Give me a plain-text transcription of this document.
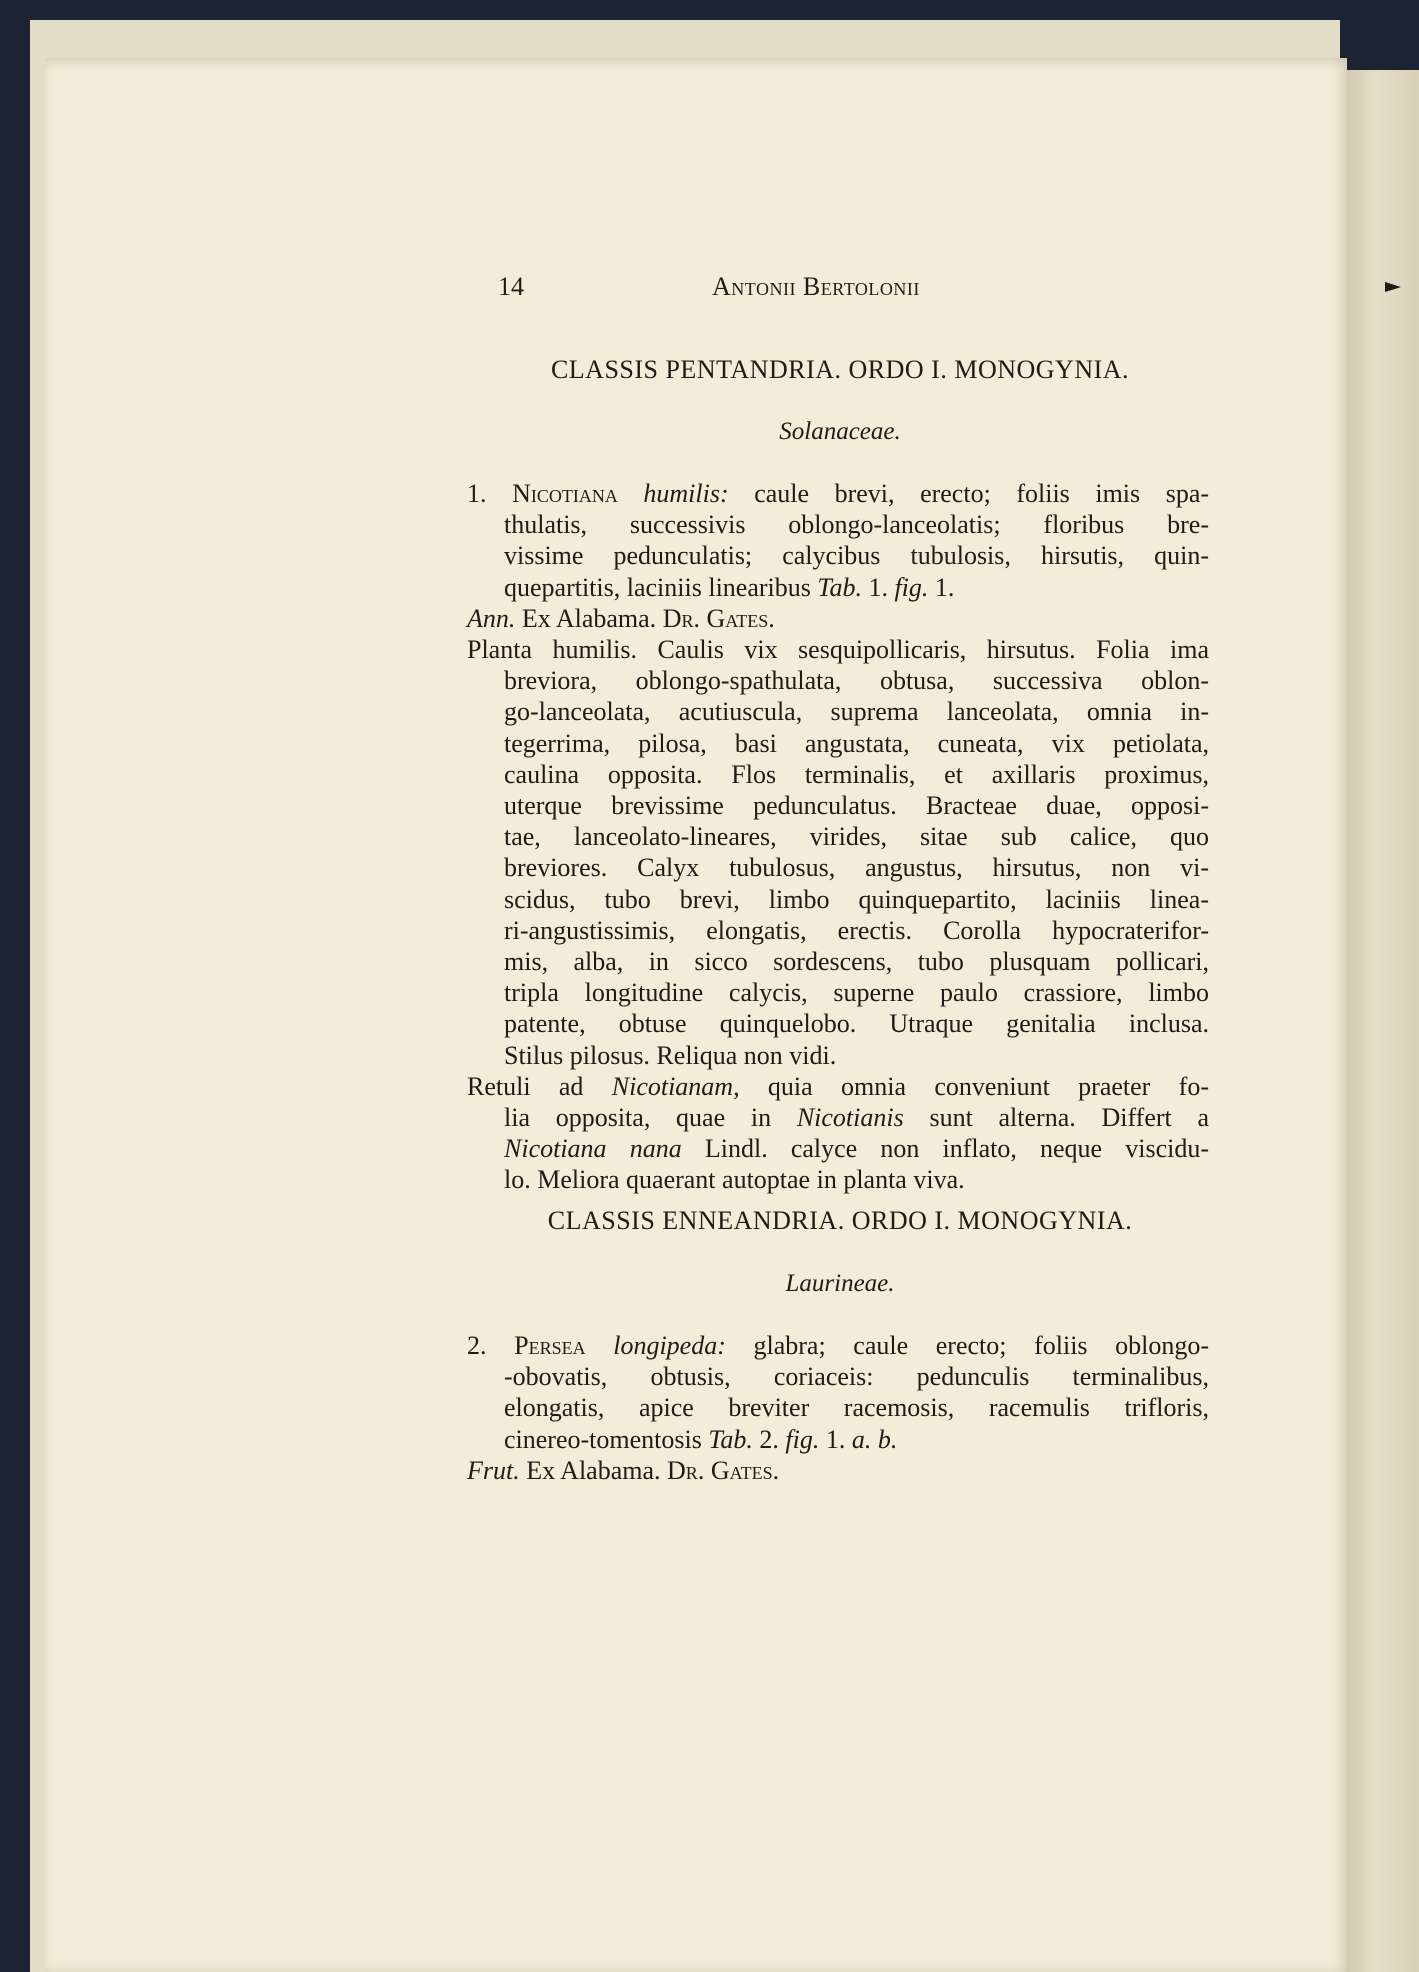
14	Antonii Bertolonii
CLASSIS PENTANDRIA. ORDO I. MONOGYNIA.
Solanaceae.
1. Nicotiana humilis: caule brevi, erecto; foliis imis spa-
thulatis, successivis oblongo-lanceolatis; floribus bre-
vissime pedunculatis; calycibus tubulosis, hirsutis, quin-
quepartitis, laciniis linearibus Tab. 1. fig. 1.
Ann. Ex Alabama. Dr. Gates.
Planta humilis. Caulis vix sesquipollicaris, hirsutus. Folia ima
breviora, oblongo-spathulata, obtusa, successiva oblon-
go-lanceolata, acutiuscula, suprema lanceolata, omnia in-
tegerrima, pilosa, basi angustata, cuneata, vix petiolata,
caulina opposita. Flos terminalis, et axillaris proximus,
uterque brevissime pedunculatus. Bracteae duae, opposi-
tae, lanceolato-lineares, virides, sitae sub calice, quo
breviores. Calyx tubulosus, angustus, hirsutus, non vi-
scidus, tubo brevi, limbo quinquepartito, laciniis linea-
ri-angustissimis, elongatis, erectis. Corolla hypocraterifor-
mis, alba, in sicco sordescens, tubo plusquam pollicari,
tripla longitudine calycis, superne paulo crassiore, limbo
patente, obtuse quinquelobo. Utraque genitalia inclusa.
Stilus pilosus. Reliqua non vidi.
Retuli ad Nicotianam, quia omnia conveniunt praeter fo-
lia opposita, quae in Nicotianis sunt alterna. Differt a
Nicotiana nana Lindl. calyce non inflato, neque viscidu-
lo. Meliora quaerant autoptae in planta viva.
CLASSIS ENNEANDRIA. ORDO I. MONOGYNIA.
Laurineae.
2. Persea longipeda: glabra; caule erecto; foliis oblongo-
-obovatis, obtusis, coriaceis: pedunculis terminalibus,
elongatis, apice breviter racemosis, racemulis trifloris,
cinereo-tomentosis Tab. 2. fig. 1. a. b.
Frut. Ex Alabama. Dr. Gates.
